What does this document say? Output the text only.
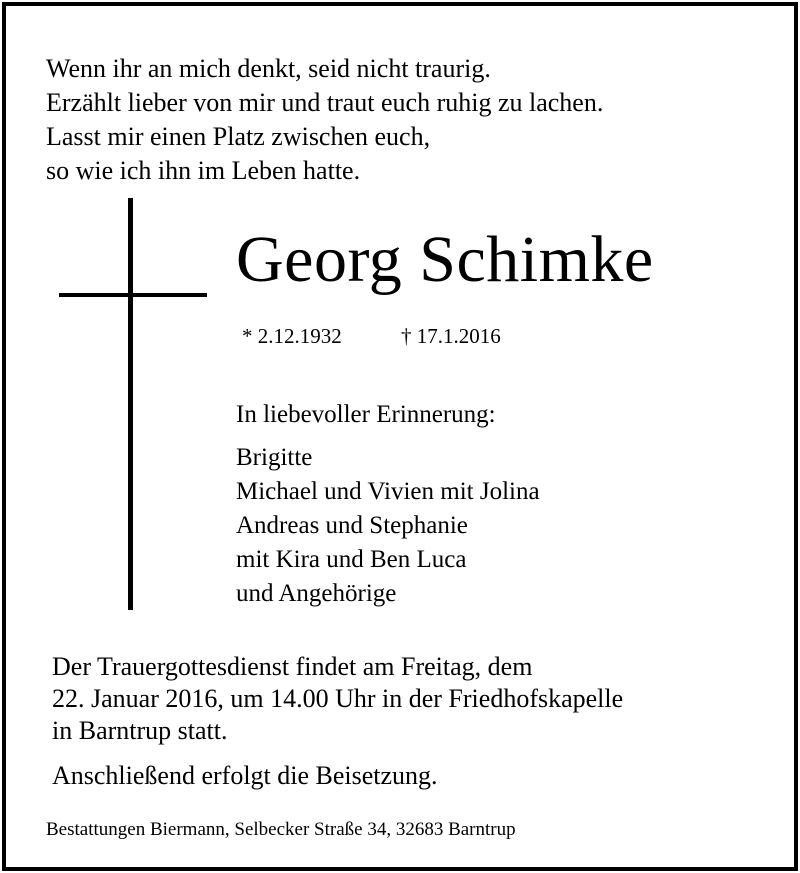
Wenn ihr an mich denkt, seid nicht traurig.
Erzählt lieber von mir und traut euch ruhig zu lachen.
Lasst mir einen Platz zwischen euch,
so wie ich ihn im Leben hatte.
Georg Schimke
* 2.12.1932	† 17.1.2016
In liebevoller Erinnerung:
Brigitte
Michael und Vivien mit Jolina
Andreas und Stephanie
mit Kira und Ben Luca
und Angehörige
Der Trauergottesdienst findet am Freitag, dem
22. Januar 2016, um 14.00 Uhr in der Friedhofskapelle
in Barntrup statt.
Anschließend erfolgt die Beisetzung.
Bestattungen Biermann, Selbecker Straße 34, 32683 Barntrup
